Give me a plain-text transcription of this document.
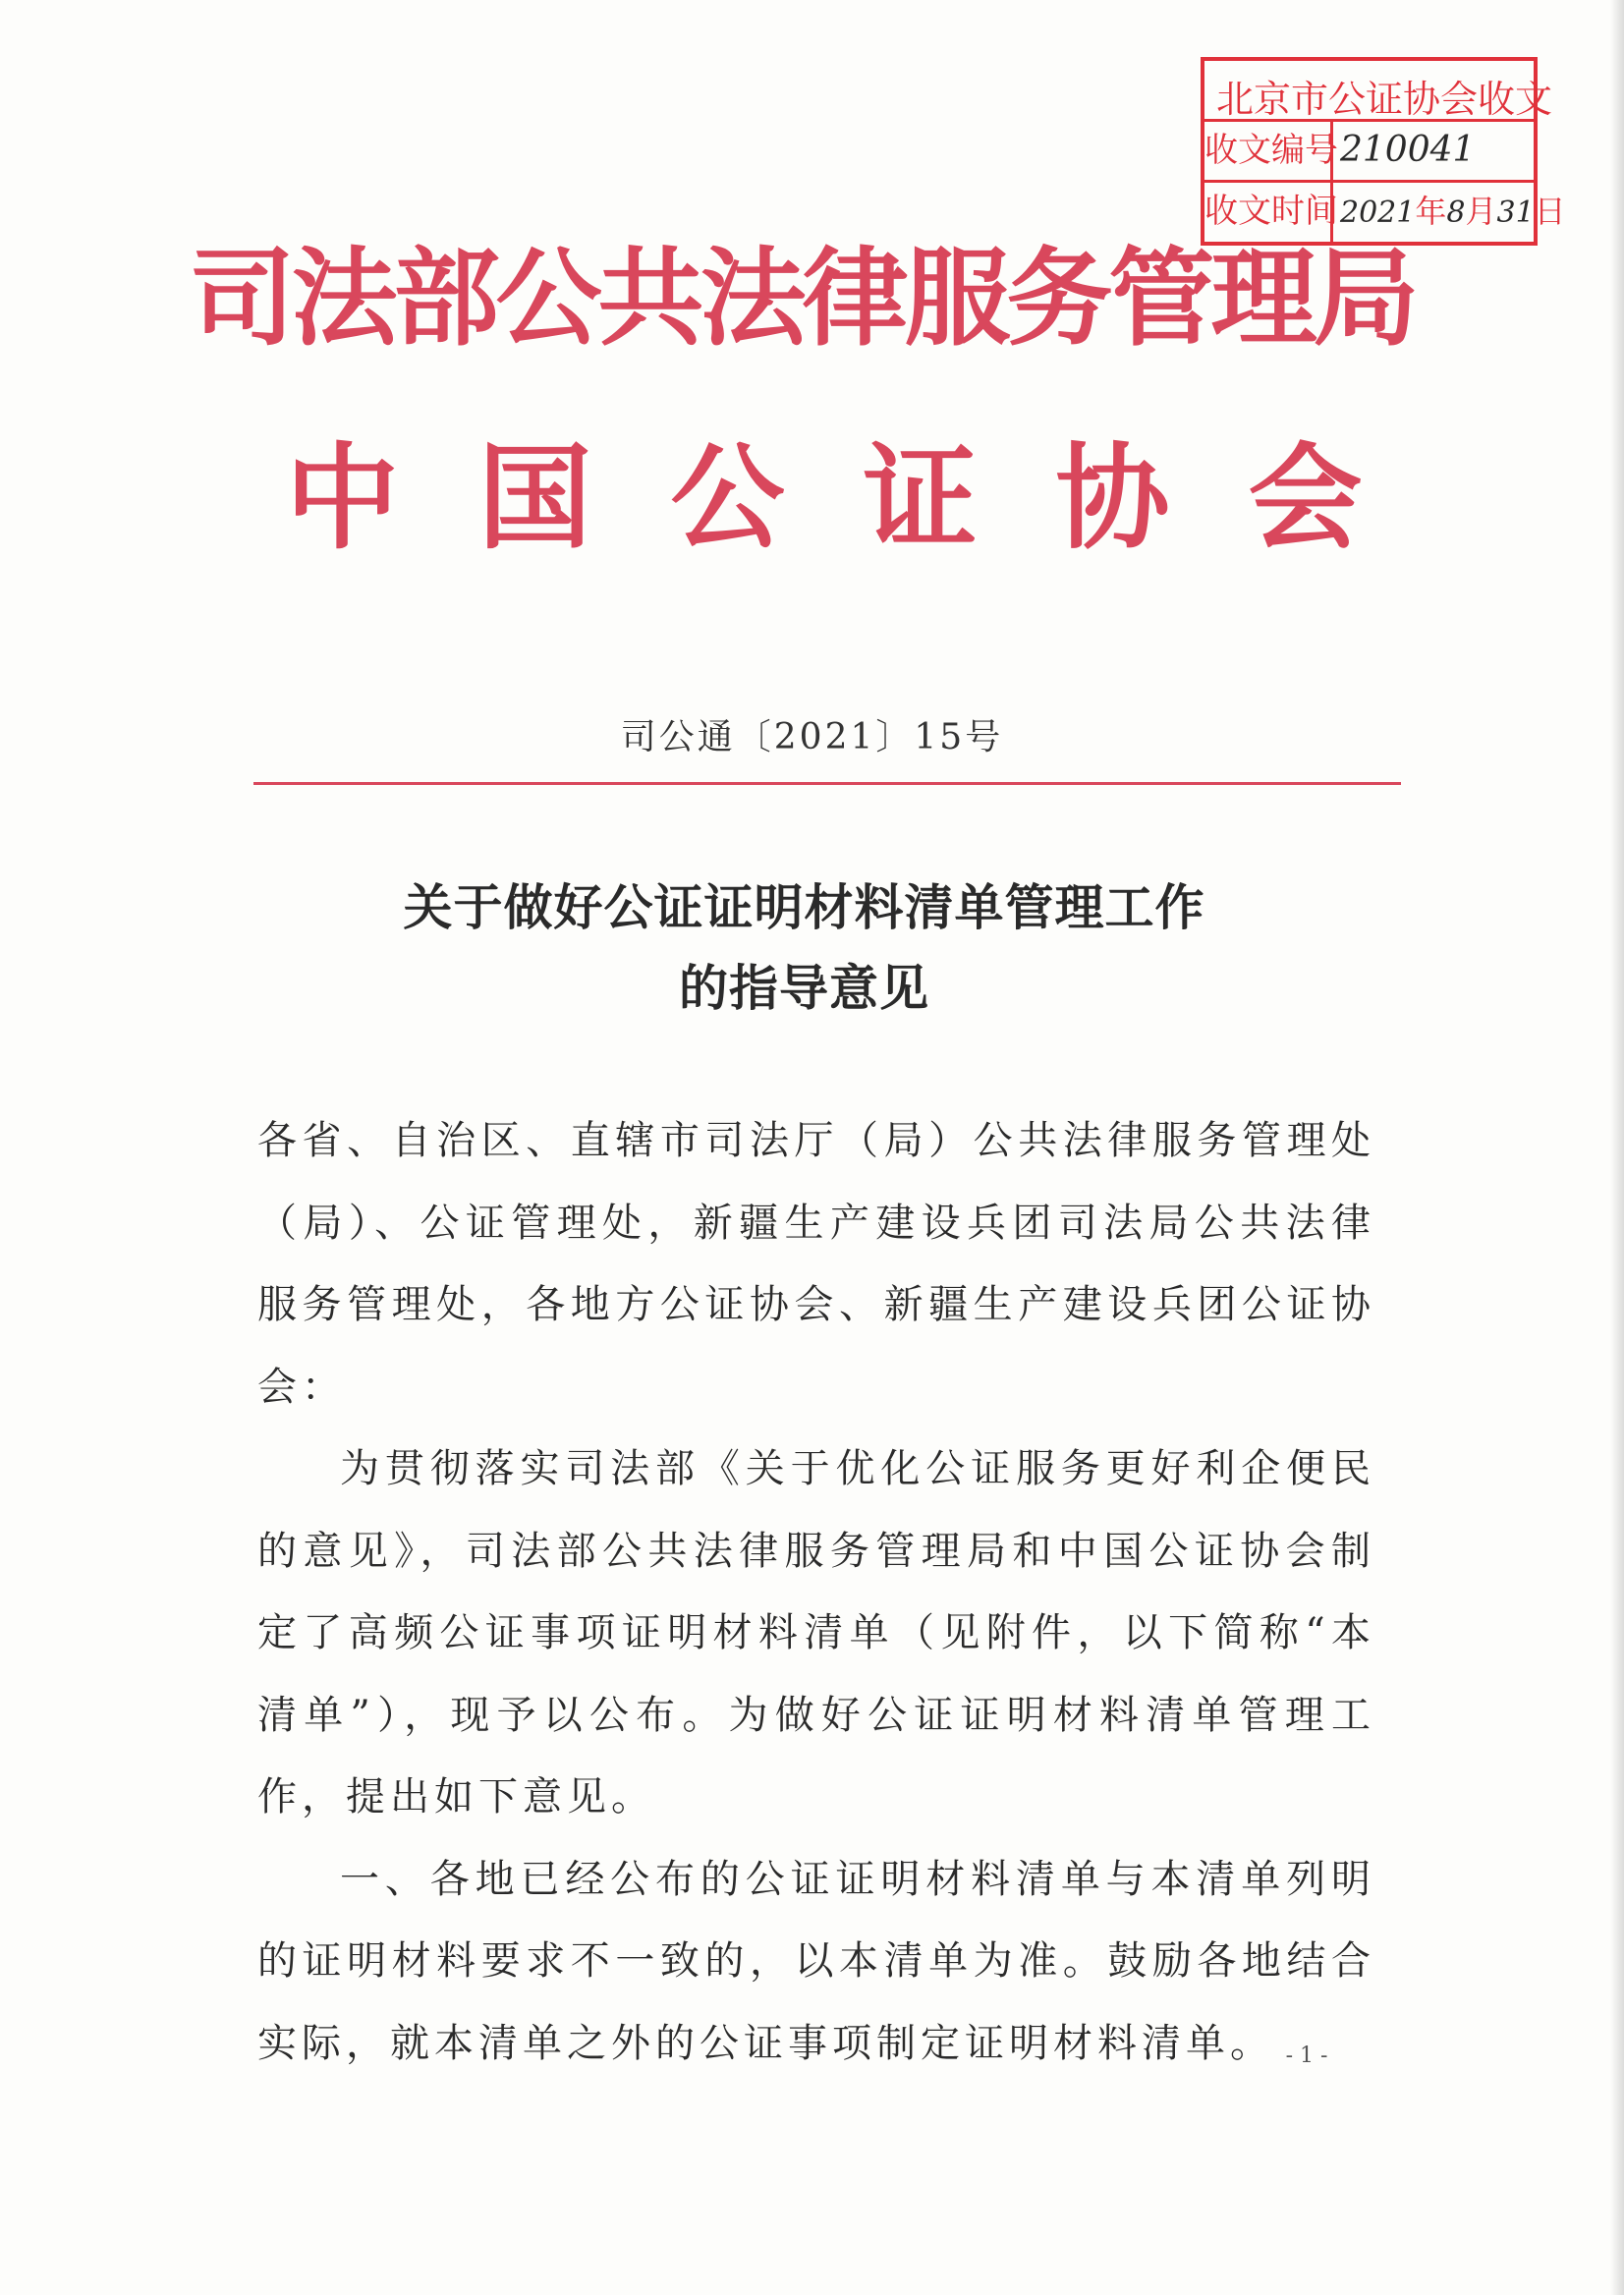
北京市公证协会收文
收文编号 210041
收文时间 2021年8月31日
司法部公共法律服务管理局
中国公证协会
司公通〔2021〕15号
关于做好公证证明材料清单管理工作
的指导意见

各省、自治区、直辖市司法厅（局）公共法律服务管理处（局）、公证管理处，新疆生产建设兵团司法局公共法律服务管理处，各地方公证协会、新疆生产建设兵团公证协会：

为贯彻落实司法部《关于优化公证服务更好利企便民的意见》，司法部公共法律服务管理局和中国公证协会制定了高频公证事项证明材料清单（见附件，以下简称“本清单”），现予以公布。为做好公证证明材料清单管理工作，提出如下意见。

一、各地已经公布的公证证明材料清单与本清单列明的证明材料要求不一致的，以本清单为准。鼓励各地结合实际，就本清单之外的公证事项制定证明材料清单。 - 1 -
